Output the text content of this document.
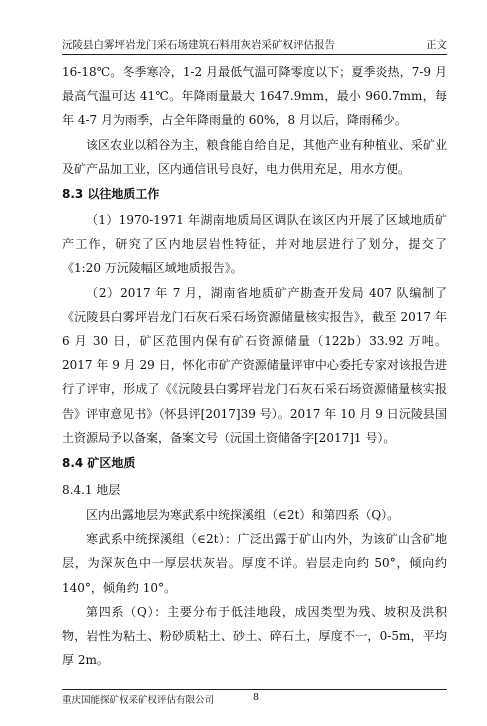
沅陵县白雾坪岩龙门采石场建筑石料用灰岩采矿权评估报告	正文

16-18℃。冬季寒冷，1-2 月最低气温可降零度以下；夏季炎热，7-9 月最高气温可达 41℃。年降雨量最大 1647.9mm，最小 960.7mm，每年 4-7 月为雨季，占全年降雨量的 60%，8 月以后，降雨稀少。

该区农业以稻谷为主，粮食能自给自足，其他产业有种植业、采矿业及矿产品加工业，区内通信讯号良好，电力供用充足，用水方便。

8.3 以往地质工作

（1）1970-1971 年湖南地质局区调队在该区内开展了区域地质矿产工作，研究了区内地层岩性特征，并对地层进行了划分，提交了《1:20 万沅陵幅区域地质报告》。

（2）2017 年 7 月，湖南省地质矿产勘查开发局 407 队编制了《沅陵县白雾坪岩龙门石灰石采石场资源储量核实报告》，截至 2017 年 6 月 30 日，矿区范围内保有矿石资源储量（122b）33.92 万吨。2017 年 9 月 29 日，怀化市矿产资源储量评审中心委托专家对该报告进行了评审，形成了《《沅陵县白雾坪岩龙门石灰石采石场资源储量核实报告》评审意见书》（怀县评[2017]39 号）。2017 年 10 月 9 日沅陵县国土资源局予以备案，备案文号（沅国土资储备字[2017]1 号）。

8.4 矿区地质

8.4.1 地层

区内出露地层为寒武系中统探溪组（∈2t）和第四系（Q）。

寒武系中统探溪组（∈2t）：广泛出露于矿山内外，为该矿山含矿地层，为深灰色中一厚层状灰岩。厚度不详。岩层走向约 50°，倾向约 140°，倾角约 10°。

第四系（Q）：主要分布于低洼地段，成因类型为残、坡积及洪积物，岩性为粘土、粉砂质粘土、砂土、碎石土，厚度不一，0-5m，平均厚 2m。

重庆国能探矿权采矿权评估有限公司	8
